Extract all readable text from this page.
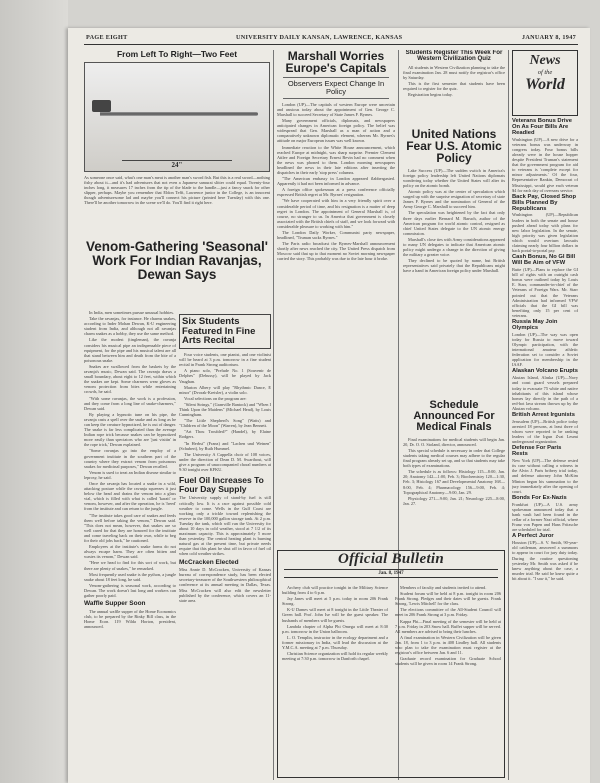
PAGE EIGHT	UNIVERSITY DAILY KANSAN, LAWRENCE, KANSAS	JANUARY 8, 1947
From Left To Right—Two Feet
24"
As someone once said, what's one man's meat is another man's sword fish. But this is a real sword—nothing fishy about it—and it's had adventures that not even a Japanese samurai slitter could equal. Twenty-four inches long, it measures 17 inches from the tip of the blade to the handle—just a fancy snack for other slipper, perhaps. Maybe you remember that Eldon Tefft, Lawrence junior in the College, is an innocent though adventuresome lad and maybe you'll connect his picture (printed here Tuesday) with this one. There'll be another tomorrow in the scene we'll do. You'll find it right here.
Venom-Gathering 'Seasonal' Work For Indian Ravanjas, Dewan Says

In India, men sometimes pursue unusual hobbies.

Take the ravanjas, for instance. He charms snakes, according to Inder Mohan Dewan, K-U engineering student from India, and although not all ravanjas charm snakes as a hobby, they use the same method.

Like the modest (tingleman), the ravanja considers his musical pipe an indispensable piece of equipment, for the pipe and his musical talent are all that stand between him and death from the bite of a poisonous snake.

Snakes are swallowed from the baskets by the ravanja's music, Dewan said. The ravanja draws a small boundary, about eight to 12 feet, within which the snakes are kept. Some charmers wear gloves as venom protection from bites while entertaining crowds, he said.

"With some ravanjas, the work is a profession, and they come from a long line of snake-charmers," Dewan said.

By playing a hypnotic tune on his pipe, the ravanja casts a spell over the snake and as long as he can keep the creature hypnotized, he is out of danger. The snake is far less complicated than the average Indian rope trick because snakes can be hypnotized more easily than spectators who are 'just visitin' in the rope trick,' Dewan explained.

"Some ravanjas go into the employ of a government institute in the southern part of the country where they extract venom from poisonous snakes for medicinal purposes," Dewan recalled.

Venom is used to treat an Indian disease similar to leprosy, he said.

Once the ravanja has located a snake in a wild, attacking posture while the ravanja squeezes it just below the head and drains the venom into a glass vial, which is filled with what is called 'karait' or venom, however, and after the operation, he is 'freed' from the institute and can return to the jungle.

"The institute takes good care of snakes and feeds them well before taking the venom," Dewan said. "This does not mean, however, that snakes are so well cared for that they are honored for the institute and come traveling back on their own, while to beg for their old jobs back," he cautioned.

Employees at the institute's snake farms do not always escape harm. They are often bitten and wastes its venom," Dewan said.

"Here we head to find for this sort of work, but there are plenty of snakes," he remarked.

Most frequently used snake is the python, a jungle snake about 18 feet long, he said.

Venom-gathering is seasonal work, according to Dewan. The work doesn't last long and workers can gather poorly paid.

Waffle Supper Soon

The annual waffle supper of the Home Economics club, to be prepared by the Rinky Bill class, in the Home Econ. 119 Wilda Horton, president, announced.

Six Students Featured In Fine Arts Recital

Four voice students, one pianist, and one violinist will be heard at 3 p.m. tomorrow in a fine student recital in Frank Strong auditorium.

A piano solo, "Prelude No. 1 (Souvenir de Delphes" (Debussy), will be played by Jack Vaughan.

Marion Albery will play "Rhythmic Dance, E minor" (Dvorak-Kreisler), a violin solo.

Vocal selections on the program are:

"Silent Strings," (Granville Bantock) and "When I Think Upon the Maidens" (Michael Head), by Louis Cunningham.

"The Little Shepherd's Song" (Watts) and "Children of the Moon" (Warren), by Jean Bennett.

"Art Thou Troubled?" (Handel), by Elaine Rodgers.

"In Herbst" (Franz) and "Lachen und Weinen" (Schubert), by Ruth Hummel.

The University A Cappella choir of 108 voices, under the direction of Dean D. M. Swarthout, will give a program of unaccompanied choral numbers at 9:30 tonight over KFKU.

Fuel Oil Increases To Four Day Supply
The University supply of stand-by fuel is still critically low. It is a race against possible cold weather to come. Wells in the Gulf Coast are working only a trickle toward replenishing the reserve in the 100,000 gallon storage tank. At 2 p.m. Tuesday the tank, which will run the University for about 10 days in cold weather, stood at 7 1/2 of its maximum capacity. This is approximately 5 more than yesterday. The central heating plant is burning natural gas at the present time, but private needs require that this plant be shut off in favor of fuel oil when cold weather strikes.
McCracken Elected
Miss Annie D. McCracken, University of Kansas bureau of correspondence study, has been elected secretary-treasurer of the Southwestern philosophical conference at its annual meeting in Dallas, Texas. Miss McCracken will also edit the newsletter published by the conference, which covers an 11-state area.
Marshall Worries Europe's Capitals
Observers Expect Change In Policy

London (UP)—The capitals of western Europe were uncertain and anxious today about the appointment of Gen. George C. Marshall to succeed Secretary of State James F. Byrnes.

Many government officials, diplomats, and newspapers anticipated changes in American foreign policy. The belief was widespread that Gen. Marshall as a man of action and a comparatively unknown diplomatic element, whereas Mr. Byrnes's attitude on major European issues was well known.

Immediate reaction to the White House announcement, which reached Europe at midnight, was sharp surprise. Premier Clement Attlee and Foreign Secretary Ernest Bevin had no comment when the news was phoned to them. London morning newspapers headlined the news in their late editions after inserting the dispatches in their early 'stop press' columns.

"The American embassy in London appeared flabbergasted. Apparently it had not been informed in advance.

A foreign office spokesman at a press conference officially expressed British regret at Mr. Byrnes' resignation.

"We have cooperated with him in a very friendly spirit over a considerable period of time, and his resignation is a matter of deep regret in London. The appointment of General Marshall is, of course, no stranger to us. In America that government is closely associated with the British chiefs of staff, and we look forward with considerable pleasure to working with him."

The London Daily Worker, Communist party newspaper, headlined, "Truman sacks Byrnes."

The Paris radio broadcast the Byrnes-Marshall announcement shortly after news reached the city. The United Press dispatch from Moscow said that up to that moment no Soviet morning newspaper carried the story. This probably was due to the late hour it broke.

Students Register This Week For Western Civilization Quiz

All students in Western Civilization planning to take the final examination Jan. 28 must notify the registrar's office by Saturday.

This is the first semester that students have been required to register for the quiz.

Registration begins today.

United Nations Fear U.S. Atomic Policy

Lake Success (UP)—The sudden switch in America's foreign policy leadership left United Nations diplomats wondering today whether the United States will alter its policy on the atomic bomb.

Atomic policy was at the center of speculation which surged up with the surprise resignation of secretary of state James F. Byrnes and the nomination of General of the Army George C. Marshall to succeed him.

The speculation was heightened by the fact that only three days earlier Bernard M. Baruch, author of the American program for world atomic control, resigned as chief United States delegate to the UN atomic energy commission.

Marshall's close ties with Army considerations appeared to many UN delegates to indicate that American atomic policy might undergo a change in the direction of giving the military a greater voice.

They declined to be quoted by name, but British representatives said privately that the Republicans might have a hand in American foreign policy under Marshall.

Schedule Announced For Medical Finals

Final examinations for medical students will begin Jan. 20, Dr. O. O. Stoland, director, announced.

This special schedule is necessary in order that College students taking medical courses may adhere to the regular final program already set up, and so that students may take both types of examinations.

The schedule is as follows: Histology 115—8:00, Jan. 20; Anatomy 142—1:00, Feb. 3; Biochemistry 120—1:30, Feb. 3; Histology 167 and Developmental Anatomy 168—8:00, Feb. 4; Pharmacology 156—9:00, Feb. 4; Topographical Anatomy—9:00, Jan. 29.

Physiology 271—9:00, Jan. 21; Neurology 225—8:00, Jan. 27.

Official Bulletin
Jan. 8, 1947

Archery club will practice tonight in the Military Science building from 4 to 6 p.m.

Jay Janes will meet at 5 p.m. today in room 206 Frank Strong.

K-U Dames will meet at 8 tonight in the Little Theater of Green hall. Prof. John Ise will be the guest speaker. The husbands of members will be guests.

Lambda chapter of Alpha Phi Omega will meet at 8:30 p.m. tomorrow in the Union ballroom.

L. O. Templin, instructor in the ecology department and a former missionary in India, will lead the discussion at the Y.M.C.A. meeting at 7 p.m. Thursday.

Christian Science organization will hold its regular weekly meeting at 7:30 p.m. tomorrow in Danforth chapel.

Members of faculty and students invited to attend.

Student forum will be held at 8 p.m. tonight in room 206 Frank Strong. Pledges and their dates will be guests. Frank Strong, 'Lewis Mitchell' for the class.

The elections committee of the All-Student Council will meet in 206 Frank Strong at 3 p.m. Friday.

Kappa Phi—Final meeting of the semester will be held at 7 p.m. Friday in 203 Snow hall. Buffet supper will be served. All members are advised to bring their lunches.

A final examination in Western Civilization will be given Jan. 18, from 1 to 3 p.m. in 408 Lindley hall. All students who plan to take the examination must register at the registrar's office between Jan. 6 and 11.

Graduate record examination for Graduate School students will be given in room 14 Frank Strong.

News
of the
World
Veterans Bonus Drive On As Four Bills Are Readied
Washington (UP)—A new drive for a veterans bonus was underway in congress today. Four bonus bills already were in the house hopper despite President Truman's statement that the government program for aid to veterans is 'complete except for minor adjustments.' Of the four, Representative Rankin, Democrat of Mississippi, would give each veteran $4 for each day of overseas service.
Back Pay, Closed Shop Bills Planned By Republicans
Washington (UP)—Republican leaders in both the senate and house pushed ahead today with plans for new labor legislation. In the senate, high priority was given legislation which would overturn lawsuits claiming nearly four billion dollars in back portal-to-portal pay.
Cash Bonus, No GI Bill Will Be Aim of VFW
Butte (UP)—Plans to replace the GI bill of rights with an outright cash bonus were outlined today by Louis E. Starr, commander-in-chief of the Veterans of Foreign Wars. Mr. Starr pointed out that the Veterans Administration had informed VFW officials that the GI bill was benefiting only 15 per cent of veterans.
Russia May Join Olympics
London (UP)—The way was open today for Russia to move toward Olympic participation, with the international amateur athletic federation set to consider a Soviet application for membership in the IAAF.
Alaskan Volcano Erupts
Akutan Island, Alaska (UP)—Navy and coast guard vessels prepared today to evacuate 75 white and native inhabitants of this island whose homes lay directly in the path of a red-hot lava stream thrown up by the Akutan volcano.
British Arrest Irgunists
Jerusalem (UP)—British police today arrested 18 persons, at least three of whom were reported to be ranking leaders of the Irgun Zvai Leumi underground organization.
Defense For Paris Rests
New York (UP)—The defense rested its case without calling a witness in the Alvin J. Paris bribery trial today, and defense attorney John McKim Minton began his summation to the jury immediately after the opening of court.
Bonds For Ex-Nazis
Frankfurt (UP)—A U.S. army spokesman announced today that a bank vault had been found in the cellar of a former Nazi official, where Franz von Papen and Hans Fritzsche are scheduled for trial.
A Perfect Juror
Houston (UP)—S. V. Smith, 90-year-old cattleman, answered a summons to appear in court for jury duty today. During the routine questioning yesterday Mr. Smith was asked if he knew anything about the case, a murder trial. He said he knew quite a bit about it. "I saw it," he said.
